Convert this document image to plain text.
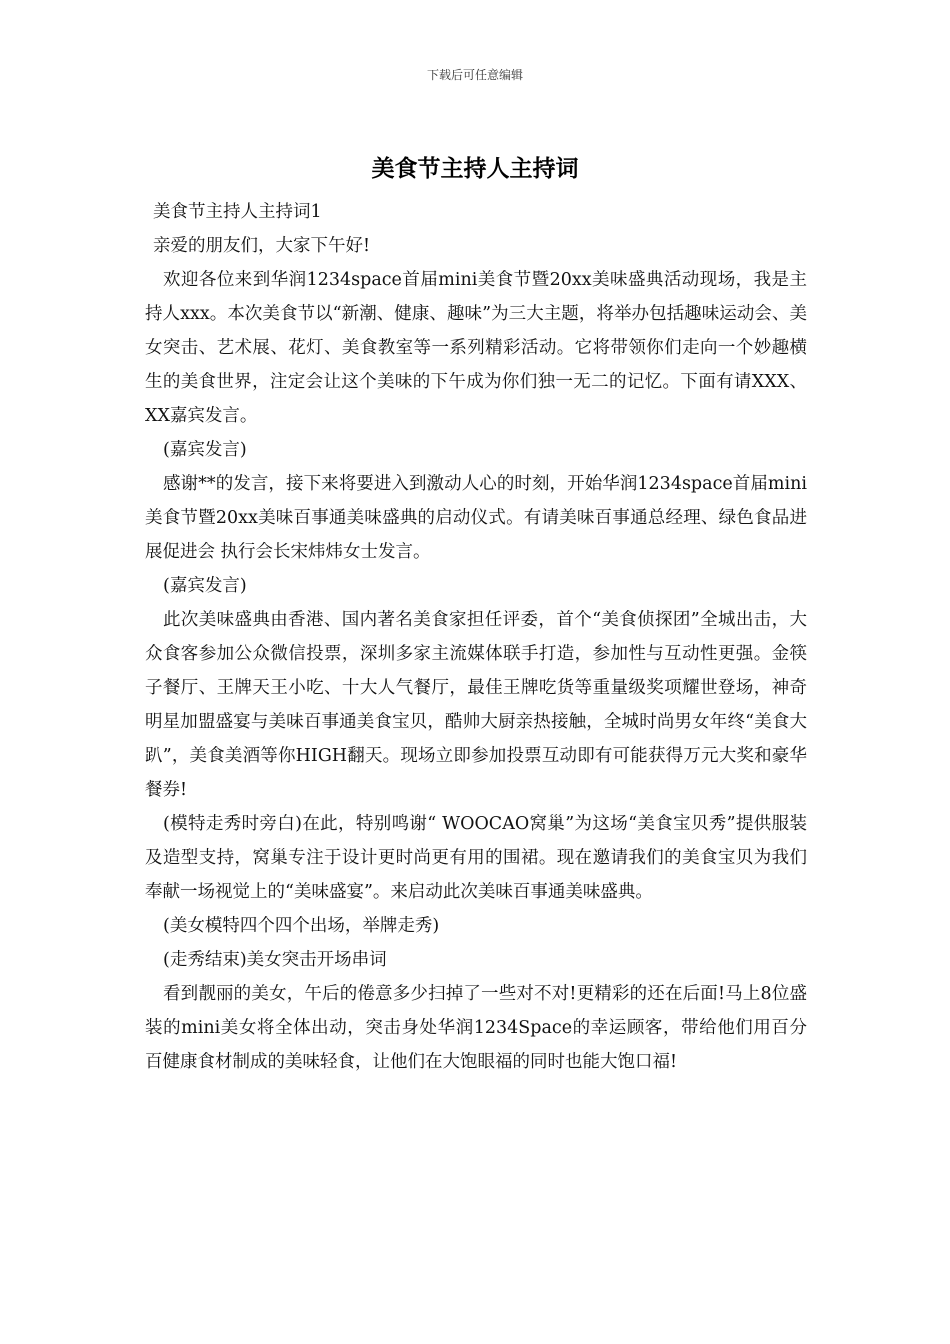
下载后可任意编辑
美食节主持人主持词

美食节主持人主持词1

亲爱的朋友们，大家下午好!

欢迎各位来到华润1234space首届mini美食节暨20xx美味盛典活动现场，我是主持人xxx。本次美食节以“新潮、健康、趣味”为三大主题，将举办包括趣味运动会、美女突击、艺术展、花灯、美食教室等一系列精彩活动。它将带领你们走向一个妙趣横生的美食世界，注定会让这个美味的下午成为你们独一无二的记忆。下面有请XXX、XX嘉宾发言。

(嘉宾发言)

感谢**的发言，接下来将要进入到激动人心的时刻，开始华润1234space首届mini美食节暨20xx美味百事通美味盛典的启动仪式。有请美味百事通总经理、绿色食品进展促进会 执行会长宋炜炜女士发言。

(嘉宾发言)

此次美味盛典由香港、国内著名美食家担任评委，首个“美食侦探团”全城出击，大众食客参加公众微信投票，深圳多家主流媒体联手打造，参加性与互动性更强。金筷子餐厅、王牌天王小吃、十大人气餐厅，最佳王牌吃货等重量级奖项耀世登场，神奇明星加盟盛宴与美味百事通美食宝贝，酷帅大厨亲热接触，全城时尚男女年终“美食大趴”，美食美酒等你HIGH翻天。现场立即参加投票互动即有可能获得万元大奖和豪华餐券!

(模特走秀时旁白)在此，特别鸣谢“ WOOCAO窝巢”为这场“美食宝贝秀”提供服装及造型支持，窝巢专注于设计更时尚更有用的围裙。现在邀请我们的美食宝贝为我们奉献一场视觉上的“美味盛宴”。来启动此次美味百事通美味盛典。

(美女模特四个四个出场，举牌走秀)

(走秀结束)美女突击开场串词

看到靓丽的美女，午后的倦意多少扫掉了一些对不对!更精彩的还在后面!马上8位盛装的mini美女将全体出动，突击身处华润1234Space的幸运顾客，带给他们用百分百健康食材制成的美味轻食，让他们在大饱眼福的同时也能大饱口福!
